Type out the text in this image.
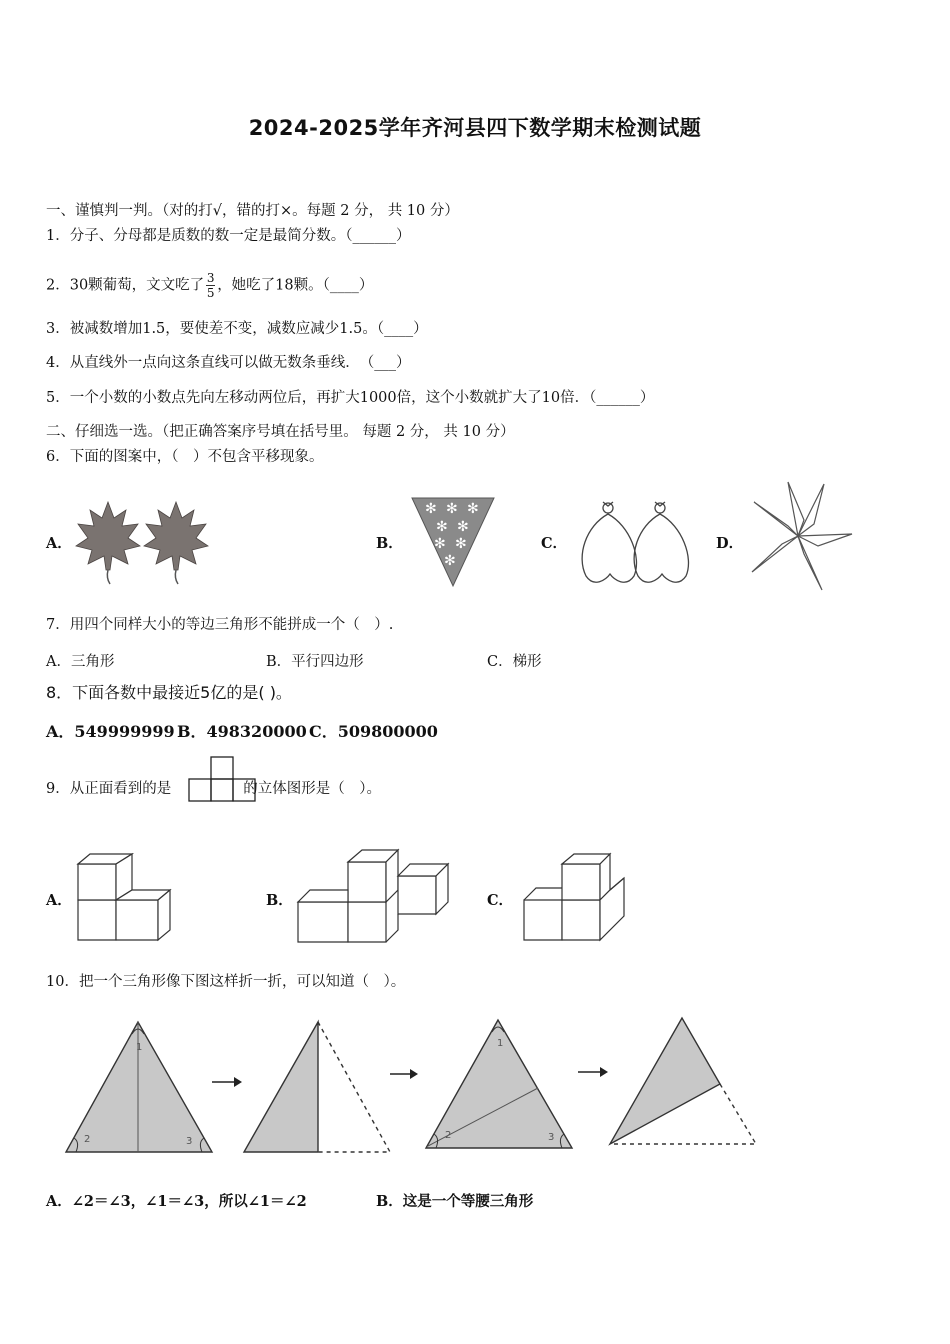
2024-2025学年齐河县四下数学期末检测试题
一、谨慎判一判。（对的打√，错的打×。每题 2 分， 共 10 分）
1．分子、分母都是质数的数一定是最简分数。（______）
2．30颗葡萄，文文吃了 $\frac{3}{5}$ ，她吃了18颗。（____）
3．被减数增加1.5，要使差不变，减数应减少1.5。（____）
4．从直线外一点向这条直线可以做无数条垂线．　（___）
5．一个小数的小数点先向左移动两位后，再扩大1000倍，这个小数就扩大了10倍．（______）
二、仔细选一选。（把正确答案序号填在括号里。 每题 2 分， 共 10 分）
6．下面的图案中，（　）不包含平移现象。
A．	B．	C．	D．
✻ ✻ ✻
✻ ✻
✻ ✻
✻
7．用四个同样大小的等边三角形不能拼成一个（　）.
A．三角形	B．平行四边形	C．梯形
8．下面各数中最接近5亿的是( )。
A．549999999 B．498320000 C．509800000
9．从正面看到的是	的立体图形是（　）。
A．	B．	C．
10．把一个三角形像下图这样折一折，可以知道（　）。
1
2	3
1
2	3
A．∠2＝∠3，∠1＝∠3，所以∠1＝∠2	B．这是一个等腰三角形
